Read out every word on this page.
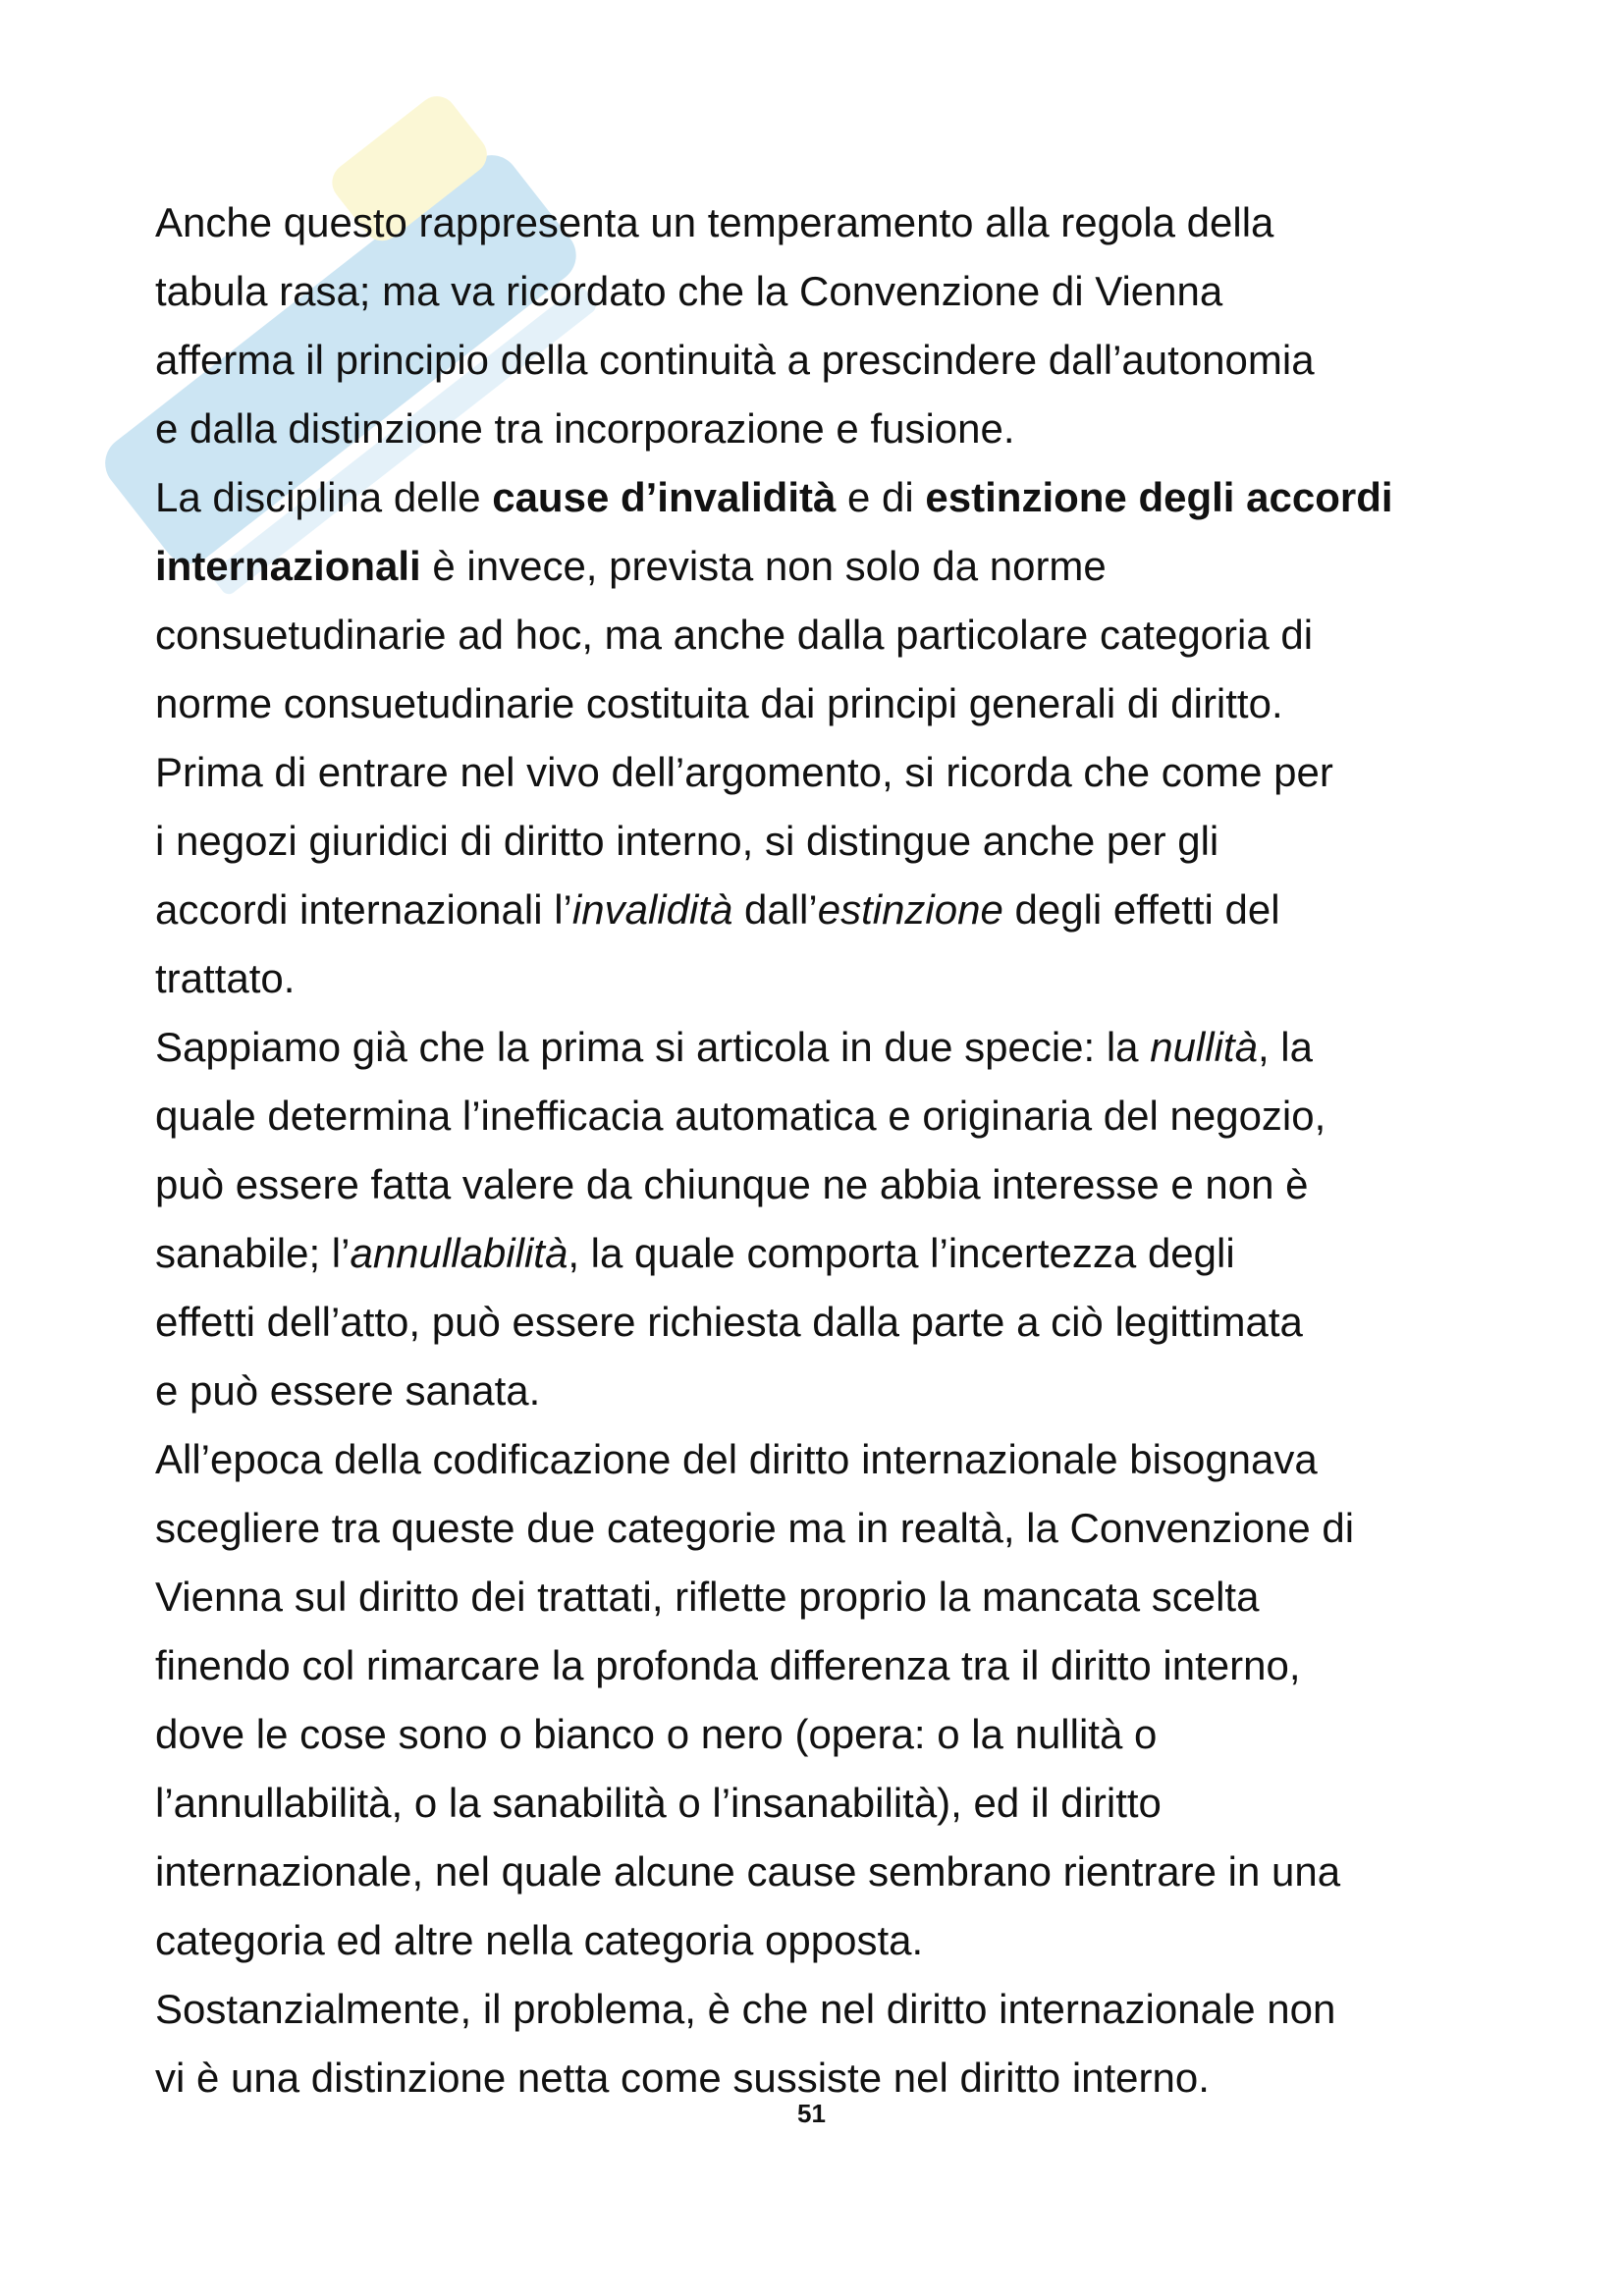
Anche questo rappresenta un temperamento alla regola della
tabula rasa; ma va ricordato che la Convenzione di Vienna
afferma il principio della continuità a prescindere dall’autonomia
e dalla distinzione tra incorporazione e fusione.

La disciplina delle cause d’invalidità e di estinzione degli accordi
internazionali è invece, prevista non solo da norme
consuetudinarie ad hoc, ma anche dalla particolare categoria di
norme consuetudinarie costituita dai principi generali di diritto.

Prima di entrare nel vivo dell’argomento, si ricorda che come per
i negozi giuridici di diritto interno, si distingue anche per gli
accordi internazionali l’invalidità dall’estinzione degli effetti del
trattato.

Sappiamo già che la prima si articola in due specie: la nullità, la
quale determina l’inefficacia automatica e originaria del negozio,
può essere fatta valere da chiunque ne abbia interesse e non è
sanabile; l’annullabilità, la quale comporta l’incertezza degli
effetti dell’atto, può essere richiesta dalla parte a ciò legittimata
e può essere sanata.

All’epoca della codificazione del diritto internazionale bisognava
scegliere tra queste due categorie ma in realtà, la Convenzione di
Vienna sul diritto dei trattati, riflette proprio la mancata scelta
finendo col rimarcare la profonda differenza tra il diritto interno,
dove le cose sono o bianco o nero (opera: o la nullità o
l’annullabilità, o la sanabilità o l’insanabilità), ed il diritto
internazionale, nel quale alcune cause sembrano rientrare in una
categoria ed altre nella categoria opposta.

Sostanzialmente, il problema, è che nel diritto internazionale non
vi è una distinzione netta come sussiste nel diritto interno.

51
